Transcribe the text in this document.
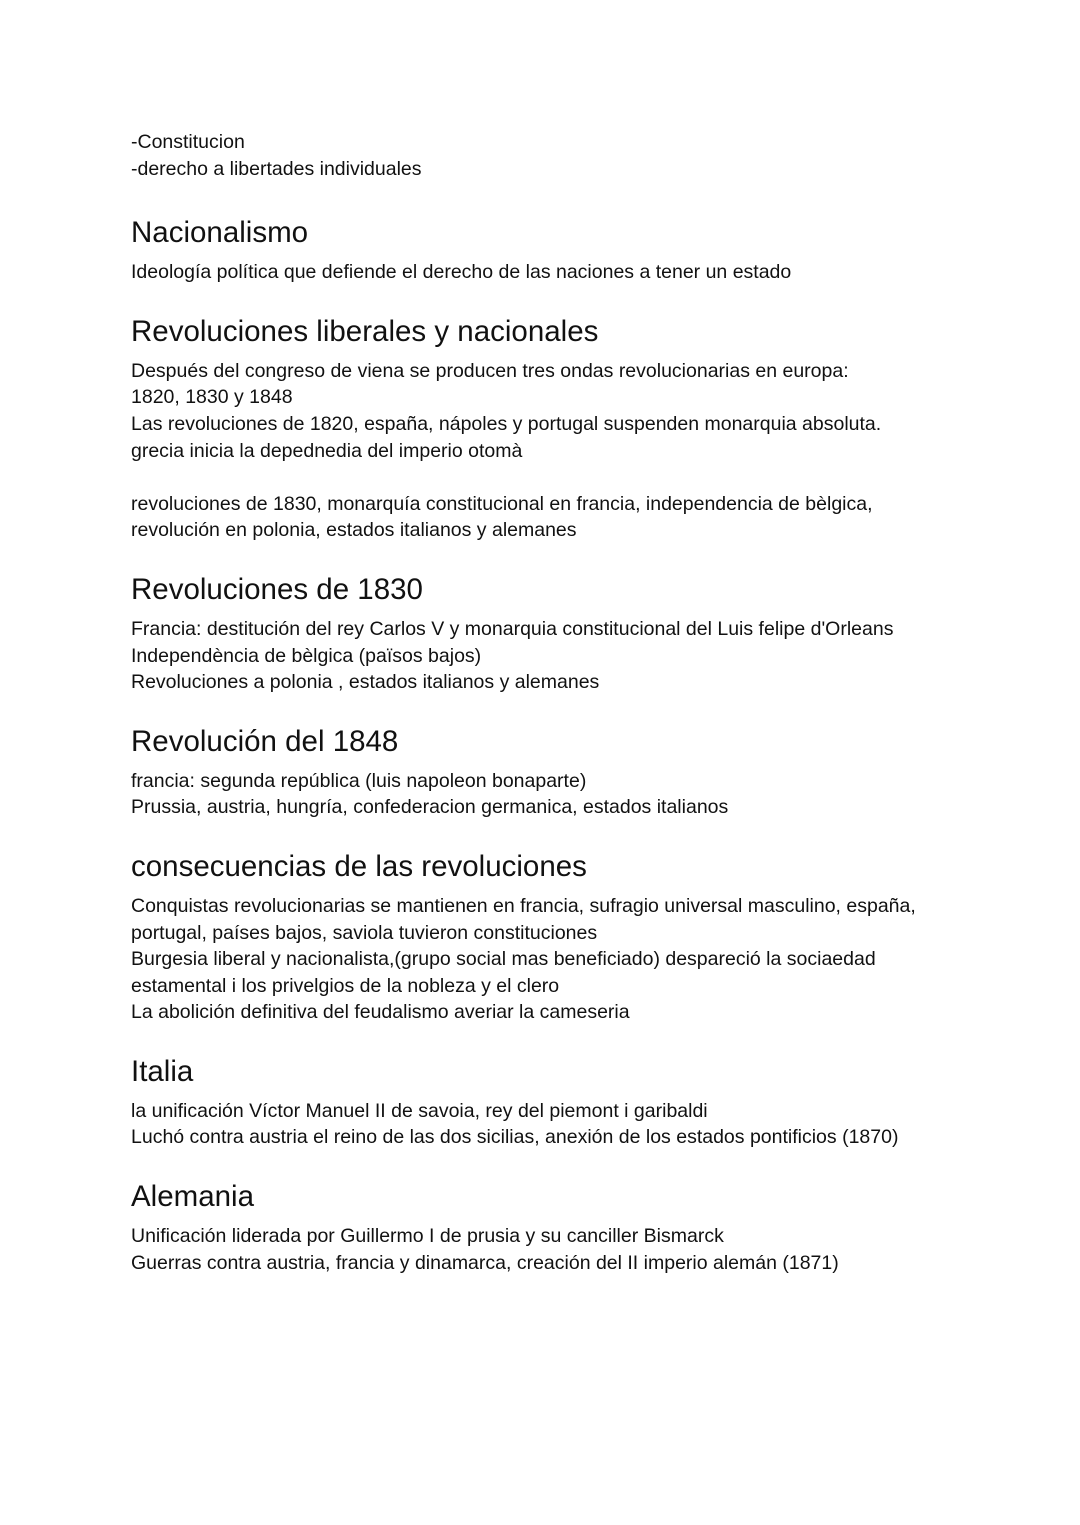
-Constitucion
-derecho a libertades individuales
Nacionalismo
Ideología política que defiende el derecho de las naciones a tener un estado
Revoluciones liberales y nacionales
Después del congreso de viena se producen tres ondas revolucionarias en europa:
1820, 1830 y 1848
Las revoluciones de 1820, españa, nápoles y portugal suspenden monarquia absoluta.
grecia inicia la depednedia del imperio otomà

revoluciones de 1830, monarquía constitucional en francia, independencia de bèlgica,
revolución en polonia, estados italianos y alemanes
Revoluciones de 1830
Francia: destitución del rey Carlos V y monarquia constitucional del Luis felipe d'Orleans
Independència de bèlgica (països bajos)
Revoluciones a polonia , estados italianos y alemanes
Revolución del 1848
francia: segunda república (luis napoleon bonaparte)
Prussia, austria, hungría, confederacion germanica, estados italianos
consecuencias de las revoluciones
Conquistas revolucionarias se mantienen en francia, sufragio universal masculino, españa,
portugal, países bajos, saviola tuvieron constituciones
Burgesia liberal y nacionalista,(grupo social mas beneficiado) despareció la sociaedad
estamental i los privelgios de la nobleza y el clero
La abolición definitiva del feudalismo averiar la cameseria
Italia
la unificación Víctor Manuel II de savoia, rey del piemont i garibaldi
Luchó contra austria el reino de las dos sicilias, anexión de los estados pontificios (1870)
Alemania
Unificación liderada por Guillermo I de prusia y su canciller Bismarck
Guerras contra austria, francia y dinamarca, creación del II imperio alemán (1871)
